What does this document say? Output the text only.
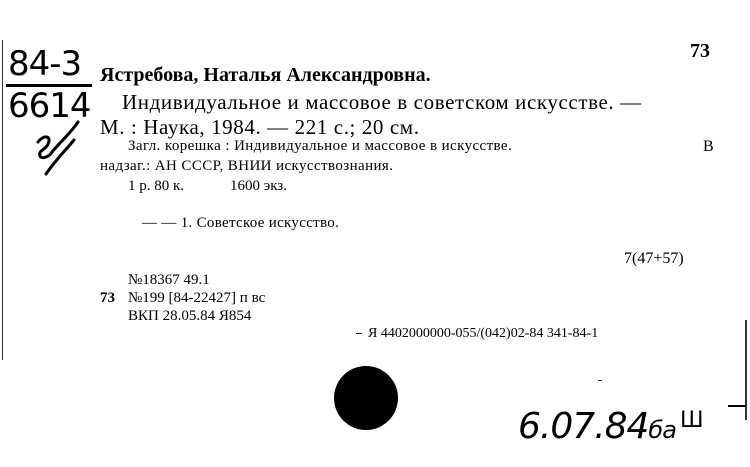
84-3
6614
73
Ястребова, Наталья Александровна.
Индивидуальное и массовое в советском искусстве. —
М. : Наука, 1984. — 221 с.; 20 см.
Загл. корешка : Индивидуальное и массовое в искусстве.	В
надзаг.: АН СССР, ВНИИ искусствознания.
1 р. 80 к.	1600 экз.
— — 1. Советское искусство.
7(47+57)
№18367 49.1
73 №199 [84-22427] п вс
ВКП 28.05.84 Я854
Я 4402000000-055/(042)02-84 341-84-1
6.07.84ба Ш
